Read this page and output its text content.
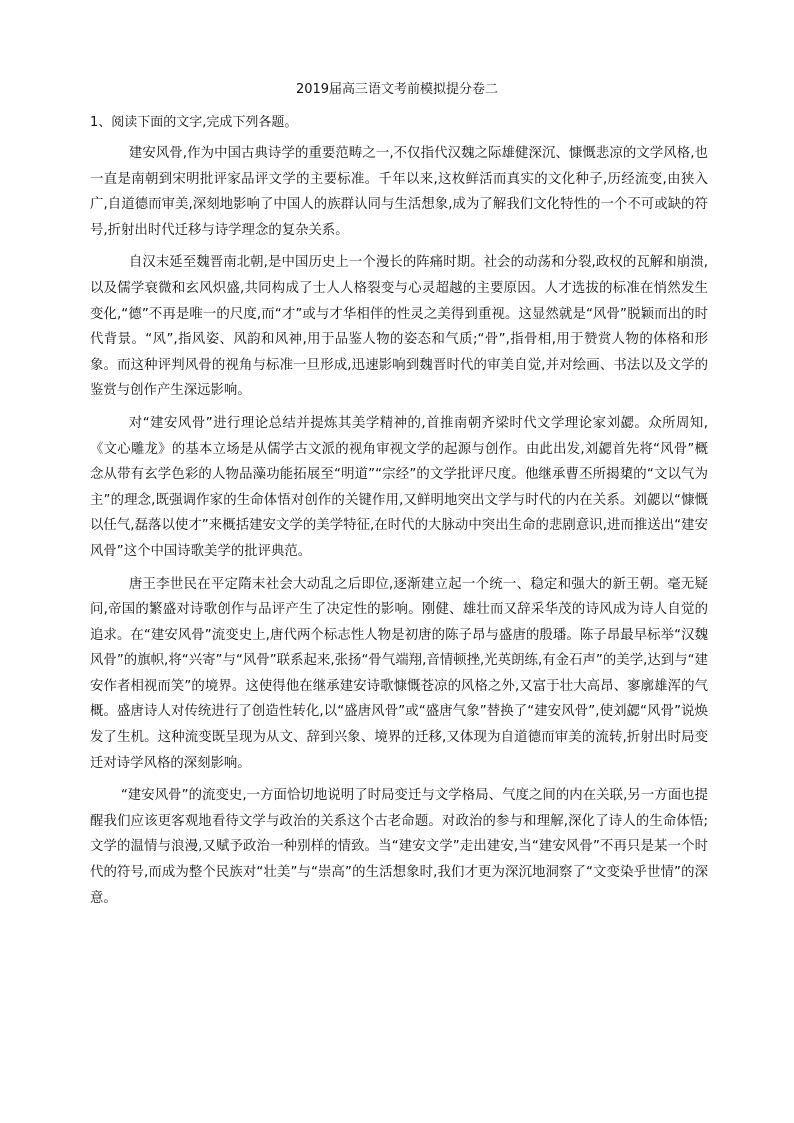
2019届高三语文考前模拟提分卷二

1、阅读下面的文字,完成下列各题。

建安风骨,作为中国古典诗学的重要范畴之一,不仅指代汉魏之际雄健深沉、慷慨悲凉的文学风格,也一直是南朝到宋明批评家品评文学的主要标准。千年以来,这枚鲜活而真实的文化种子,历经流变,由狭入广,自道德而审美,深刻地影响了中国人的族群认同与生活想象,成为了解我们文化特性的一个不可或缺的符号,折射出时代迁移与诗学理念的复杂关系。

自汉末延至魏晋南北朝,是中国历史上一个漫长的阵痛时期。社会的动荡和分裂,政权的瓦解和崩溃,以及儒学衰微和玄风炽盛,共同构成了士人人格裂变与心灵超越的主要原因。人才选拔的标准在悄然发生变化,“德”不再是唯一的尺度,而“才”或与才华相伴的性灵之美得到重视。这显然就是“风骨”脱颖而出的时代背景。“风”,指风姿、风韵和风神,用于品鉴人物的姿态和气质;“骨”,指骨相,用于赞赏人物的体格和形象。而这种评判风骨的视角与标准一旦形成,迅速影响到魏晋时代的审美自觉,并对绘画、书法以及文学的鉴赏与创作产生深远影响。

对“建安风骨”进行理论总结并提炼其美学精神的,首推南朝齐梁时代文学理论家刘勰。众所周知,《文心雕龙》的基本立场是从儒学古文派的视角审视文学的起源与创作。由此出发,刘勰首先将“风骨”概念从带有玄学色彩的人物品藻功能拓展至“明道”“宗经”的文学批评尺度。他继承曹丕所揭橥的“文以气为主”的理念,既强调作家的生命体悟对创作的关键作用,又鲜明地突出文学与时代的内在关系。刘勰以“慷慨以任气,磊落以使才”来概括建安文学的美学特征,在时代的大脉动中突出生命的悲剧意识,进而推送出“建安风骨”这个中国诗歌美学的批评典范。

唐王李世民在平定隋末社会大动乱之后即位,逐渐建立起一个统一、稳定和强大的新王朝。毫无疑问,帝国的繁盛对诗歌创作与品评产生了决定性的影响。刚健、雄壮而又辞采华茂的诗风成为诗人自觉的追求。在“建安风骨”流变史上,唐代两个标志性人物是初唐的陈子昂与盛唐的殷璠。陈子昂最早标举“汉魏风骨”的旗帜,将“兴寄”与“风骨”联系起来,张扬“骨气端翔,音情顿挫,光英朗练,有金石声”的美学,达到与“建安作者相视而笑”的境界。这使得他在继承建安诗歌慷慨苍凉的风格之外,又富于壮大高昂、寥廓雄浑的气概。盛唐诗人对传统进行了创造性转化,以“盛唐风骨”或“盛唐气象”替换了“建安风骨”,使刘勰“风骨”说焕发了生机。这种流变既呈现为从文、辞到兴象、境界的迁移,又体现为自道德而审美的流转,折射出时局变迁对诗学风格的深刻影响。

“建安风骨”的流变史,一方面恰切地说明了时局变迁与文学格局、气度之间的内在关联,另一方面也提醒我们应该更客观地看待文学与政治的关系这个古老命题。对政治的参与和理解,深化了诗人的生命体悟;文学的温情与浪漫,又赋予政治一种别样的情致。当“建安文学”走出建安,当“建安风骨”不再只是某一个时代的符号,而成为整个民族对“壮美”与“崇高”的生活想象时,我们才更为深沉地洞察了“文变染乎世情”的深意。
